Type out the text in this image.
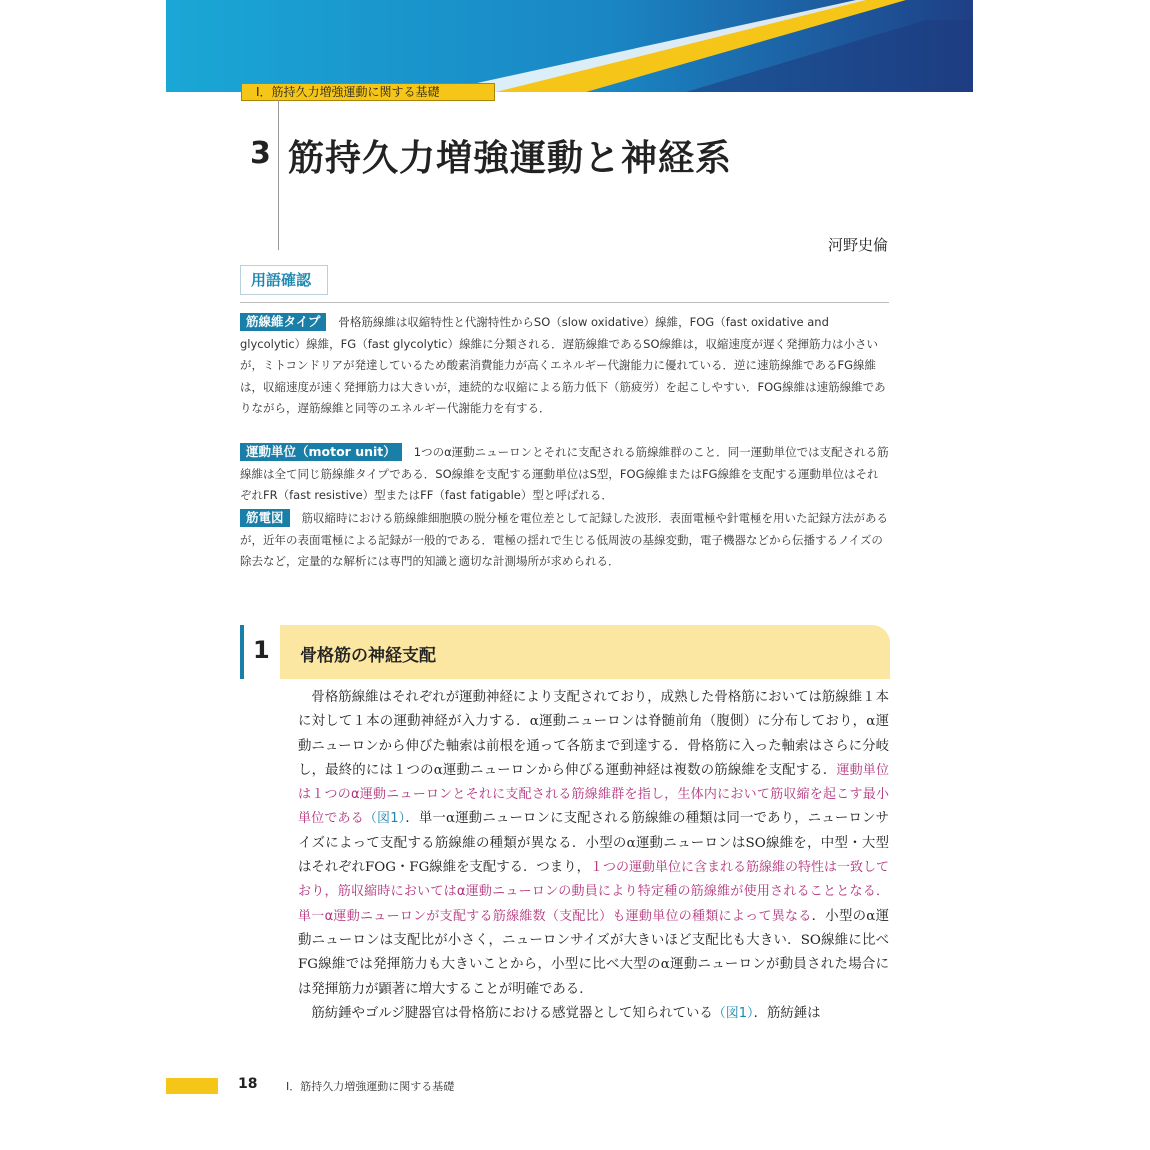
Ⅰ．筋持久力増強運動に関する基礎
3 筋持久力増強運動と神経系
河野史倫
用語確認

筋線維タイプ 骨格筋線維は収縮特性と代謝特性からSO（slow oxidative）線維，FOG（fast oxidative and glycolytic）線維，FG（fast glycolytic）線維に分類される．遅筋線維であるSO線維は，収縮速度が遅く発揮筋力は小さいが，ミトコンドリアが発達しているため酸素消費能力が高くエネルギー代謝能力に優れている．逆に速筋線維であるFG線維は，収縮速度が速く発揮筋力は大きいが，連続的な収縮による筋力低下（筋疲労）を起こしやすい．FOG線維は速筋線維でありながら，遅筋線維と同等のエネルギー代謝能力を有する．

運動単位（motor unit） 1つのα運動ニューロンとそれに支配される筋線維群のこと．同一運動単位では支配される筋線維は全て同じ筋線維タイプである．SO線維を支配する運動単位はS型，FOG線維またはFG線維を支配する運動単位はそれぞれFR（fast resistive）型またはFF（fast fatigable）型と呼ばれる．

筋電図 筋収縮時における筋線維細胞膜の脱分極を電位差として記録した波形．表面電極や針電極を用いた記録方法があるが，近年の表面電極による記録が一般的である．電極の揺れで生じる低周波の基線変動，電子機器などから伝播するノイズの除去など，定量的な解析には専門的知識と適切な計測場所が求められる．

1 骨格筋の神経支配

骨格筋線維はそれぞれが運動神経により支配されており，成熟した骨格筋においては筋線維１本に対して１本の運動神経が入力する．α運動ニューロンは脊髄前角（腹側）に分布しており，α運動ニューロンから伸びた軸索は前根を通って各筋まで到達する．骨格筋に入った軸索はさらに分岐し，最終的には１つのα運動ニューロンから伸びる運動神経は複数の筋線維を支配する．運動単位は１つのα運動ニューロンとそれに支配される筋線維群を指し，生体内において筋収縮を起こす最小単位である（図1）．単一α運動ニューロンに支配される筋線維の種類は同一であり，ニューロンサイズによって支配する筋線維の種類が異なる．小型のα運動ニューロンはSO線維を，中型・大型はそれぞれFOG・FG線維を支配する．つまり，１つの運動単位に含まれる筋線維の特性は一致しており，筋収縮時においてはα運動ニューロンの動員により特定種の筋線維が使用されることとなる．単一α運動ニューロンが支配する筋線維数（支配比）も運動単位の種類によって異なる．小型のα運動ニューロンは支配比が小さく，ニューロンサイズが大きいほど支配比も大きい．SO線維に比べFG線維では発揮筋力も大きいことから，小型に比べ大型のα運動ニューロンが動員された場合には発揮筋力が顕著に増大することが明確である．

筋紡錘やゴルジ腱器官は骨格筋における感覚器として知られている（図1）．筋紡錘は

18	Ⅰ．筋持久力増強運動に関する基礎
